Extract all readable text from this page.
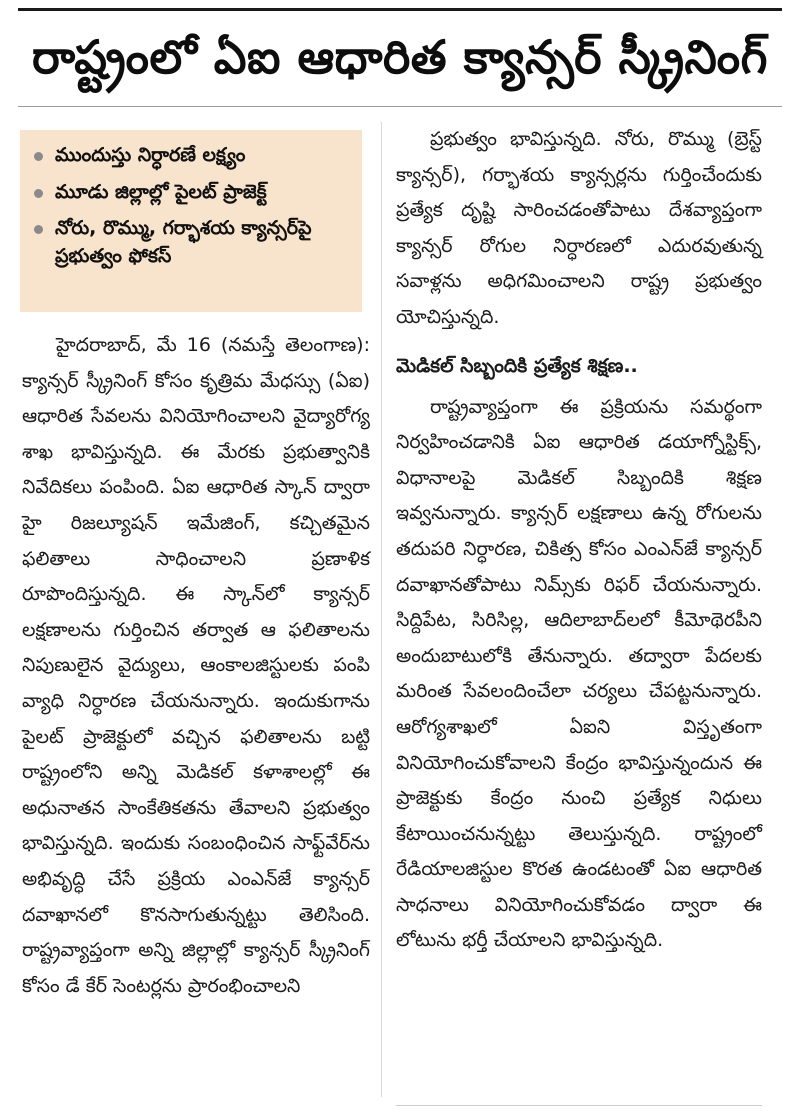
రాష్ట్రంలో ఏఐ ఆధారిత క్యాన్సర్ స్క్రీనింగ్
ముందుస్తు నిర్ధారణే లక్ష్యం
మూడు జిల్లాల్లో పైలట్ ప్రాజెక్ట్
నోరు, రొమ్ము, గర్భాశయ క్యాన్సర్‌పై ప్రభుత్వం ఫోకస్

హైదరాబాద్, మే 16 (నమస్తే తెలంగాణ): క్యాన్సర్ స్క్రీనింగ్ కోసం కృత్రిమ మేధస్సు (ఏఐ) ఆధారిత సేవలను వినియోగించాలని వైద్యారోగ్య శాఖ భావిస్తున్నది. ఈ మేరకు ప్రభుత్వానికి నివేదికలు పంపింది. ఏఐ ఆధారిత స్కాన్ ద్వారా హై రిజల్యూషన్ ఇమేజింగ్, కచ్చితమైన ఫలితాలు సాధించాలని ప్రణాళిక రూపొందిస్తున్నది. ఈ స్కాన్‌లో క్యాన్సర్ లక్షణాలను గుర్తించిన తర్వాత ఆ ఫలితాలను నిపుణులైన వైద్యులు, ఆంకాలజిస్టులకు పంపి వ్యాధి నిర్ధారణ చేయనున్నారు. ఇందుకుగాను పైలట్ ప్రాజెక్టులో వచ్చిన ఫలితాలను బట్టి రాష్ట్రంలోని అన్ని మెడికల్ కళాశాలల్లో ఈ అధునాతన సాంకేతికతను తేవాలని ప్రభుత్వం భావిస్తున్నది. ఇందుకు సంబంధించిన సాఫ్ట్‌వేర్‌ను అభివృద్ధి చేసే ప్రక్రియ ఎంఎన్‌జే క్యాన్సర్ దవాఖానలో కొనసాగుతున్నట్టు తెలిసింది. రాష్ట్రవ్యాప్తంగా అన్ని జిల్లాల్లో క్యాన్సర్ స్క్రీనింగ్ కోసం డే కేర్ సెంటర్లను ప్రారంభించాలని

ప్రభుత్వం భావిస్తున్నది. నోరు, రొమ్ము (బ్రెస్ట్ క్యాన్సర్), గర్భాశయ క్యాన్సర్లను గుర్తించేందుకు ప్రత్యేక దృష్టి సారించడంతోపాటు దేశవ్యాప్తంగా క్యాన్సర్ రోగుల నిర్ధారణలో ఎదురవుతున్న సవాళ్లను అధిగమించాలని రాష్ట్ర ప్రభుత్వం యోచిస్తున్నది.

మెడికల్ సిబ్బందికి ప్రత్యేక శిక్షణ..

రాష్ట్రవ్యాప్తంగా ఈ ప్రక్రియను సమర్థంగా నిర్వహించడానికి ఏఐ ఆధారిత డయాగ్నోస్టిక్స్, విధానాలపై మెడికల్ సిబ్బందికి శిక్షణ ఇవ్వనున్నారు. క్యాన్సర్ లక్షణాలు ఉన్న రోగులను తదుపరి నిర్ధారణ, చికిత్స కోసం ఎంఎన్‌జే క్యాన్సర్ దవాఖానతోపాటు నిమ్స్‌కు రిఫర్ చేయనున్నారు. సిద్దిపేట, సిరిసిల్ల, ఆదిలాబాద్‌లలో కీమోథెరపీని అందుబాటులోకి తేనున్నారు. తద్వారా పేదలకు మరింత సేవలందించేలా చర్యలు చేపట్టనున్నారు. ఆరోగ్యశాఖలో ఏఐని విస్తృతంగా వినియోగించుకోవాలని కేంద్రం భావిస్తున్నందున ఈ ప్రాజెక్టుకు కేంద్రం నుంచి ప్రత్యేక నిధులు కేటాయించనున్నట్టు తెలుస్తున్నది. రాష్ట్రంలో రేడియాలజిస్టుల కొరత ఉండటంతో ఏఐ ఆధారిత సాధనాలు వినియోగించుకోవడం ద్వారా ఈ లోటును భర్తీ చేయాలని భావిస్తున్నది.
